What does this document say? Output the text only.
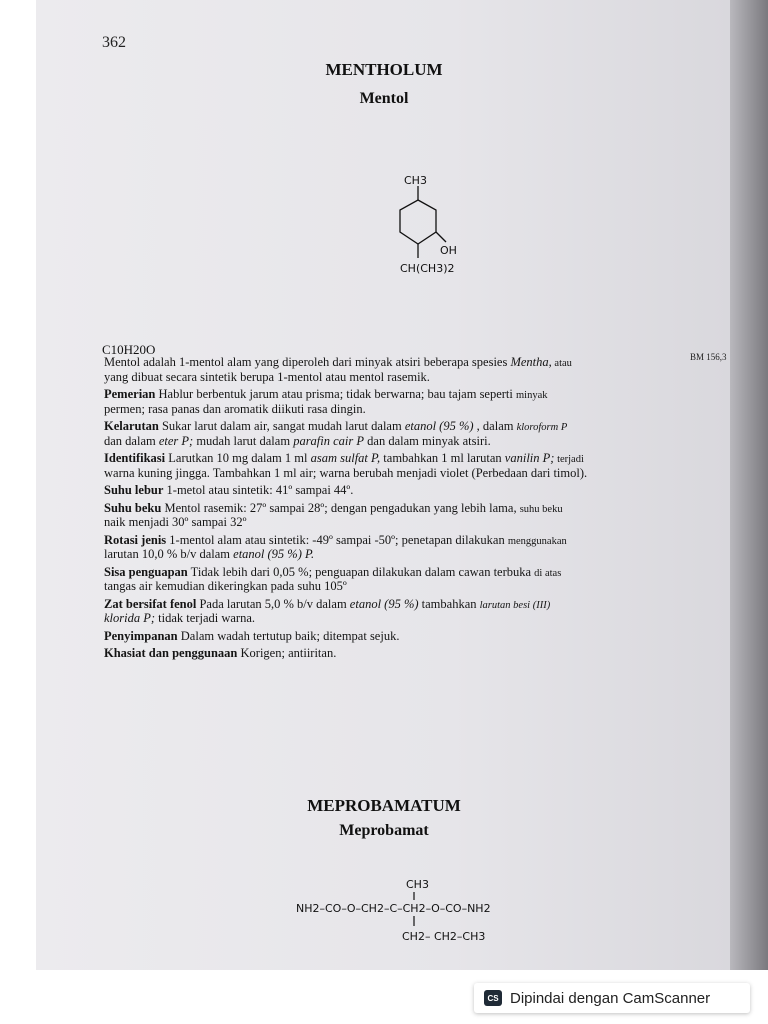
362
MENTHOLUM
Mentol
CH3
OH
CH(CH3)2
C10H20O	BM 156,3

Mentol adalah 1-mentol alam yang diperoleh dari minyak atsiri beberapa spesies Mentha, atau
yang dibuat secara sintetik berupa 1-mentol atau mentol rasemik.

Pemerian Hablur berbentuk jarum atau prisma; tidak berwarna; bau tajam seperti minyak
permen; rasa panas dan aromatik diikuti rasa dingin.

Kelarutan Sukar larut dalam air, sangat mudah larut dalam etanol (95 %) , dalam kloroform P
dan dalam eter P; mudah larut dalam parafin cair P dan dalam minyak atsiri.

Identifikasi Larutkan 10 mg dalam 1 ml asam sulfat P, tambahkan 1 ml larutan vanilin P; terjadi
warna kuning jingga. Tambahkan 1 ml air; warna berubah menjadi violet (Perbedaan dari timol).

Suhu lebur 1-metol atau sintetik: 41º sampai 44º.

Suhu beku Mentol rasemik: 27º sampai 28º; dengan pengadukan yang lebih lama, suhu beku
naik menjadi 30º sampai 32º

Rotasi jenis 1-mentol alam atau sintetik: -49º sampai -50º; penetapan dilakukan menggunakan
larutan 10,0 % b/v dalam etanol (95 %) P.

Sisa penguapan Tidak lebih dari 0,05 %; penguapan dilakukan dalam cawan terbuka di atas
tangas air kemudian dikeringkan pada suhu 105º

Zat bersifat fenol Pada larutan 5,0 % b/v dalam etanol (95 %) tambahkan larutan besi (III)
klorida P; tidak terjadi warna.

Penyimpanan Dalam wadah tertutup baik; ditempat sejuk.

Khasiat dan penggunaan Korigen; antiiritan.

MEPROBAMATUM
Meprobamat
CH3
NH2–CO–O–CH2–C–CH2–O–CO–NH2
CH2– CH2–CH3
CS Dipindai dengan CamScanner
